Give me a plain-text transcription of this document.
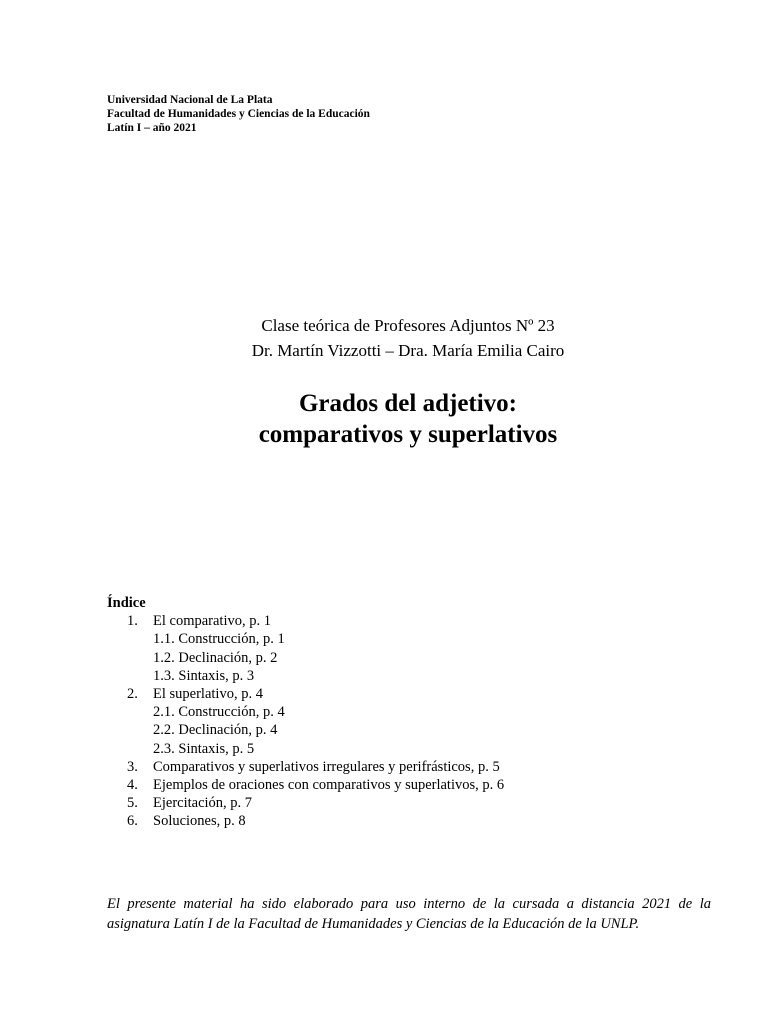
Universidad Nacional de La Plata
Facultad de Humanidades y Ciencias de la Educación
Latín I – año 2021
Clase teórica de Profesores Adjuntos Nº 23
Dr. Martín Vizzotti – Dra. María Emilia Cairo
Grados del adjetivo:
comparativos y superlativos
Índice
1. El comparativo, p. 1
1.1. Construcción, p. 1
1.2. Declinación, p. 2
1.3. Sintaxis, p. 3
2. El superlativo, p. 4
2.1. Construcción, p. 4
2.2. Declinación, p. 4
2.3. Sintaxis, p. 5
3. Comparativos y superlativos irregulares y perifrásticos, p. 5
4. Ejemplos de oraciones con comparativos y superlativos, p. 6
5. Ejercitación, p. 7
6. Soluciones, p. 8
El presente material ha sido elaborado para uso interno de la cursada a distancia 2021 de la asignatura Latín I de la Facultad de Humanidades y Ciencias de la Educación de la UNLP.
